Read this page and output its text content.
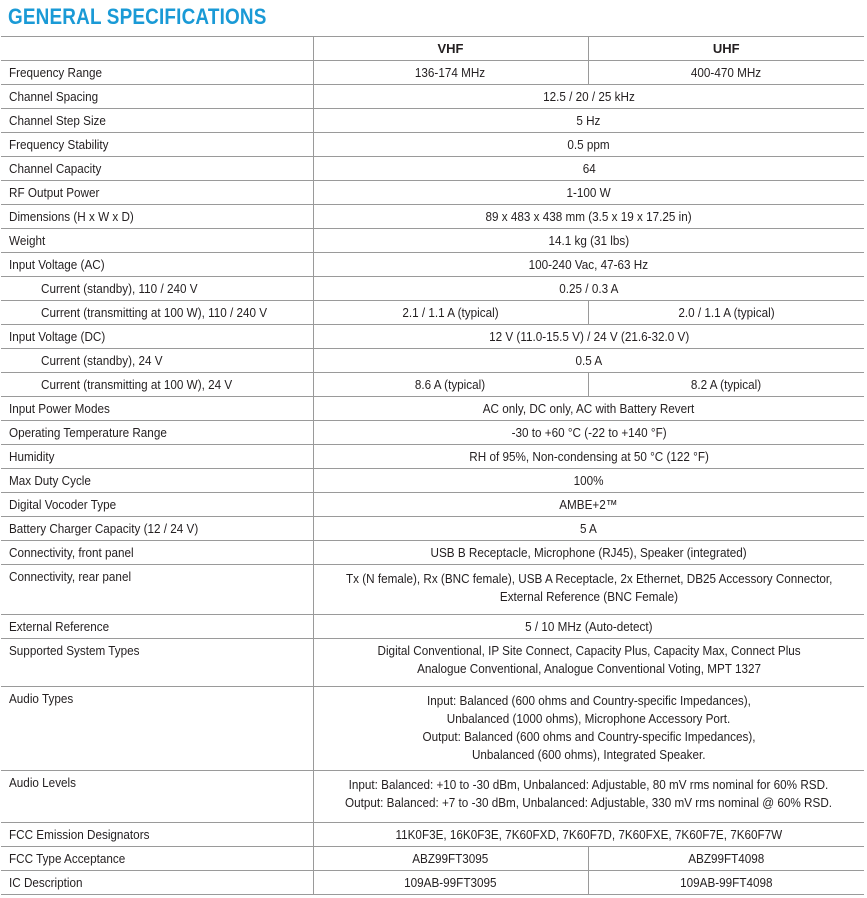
GENERAL SPECIFICATIONS
	VHF	UHF
Frequency Range	136-174 MHz	400-470 MHz
Channel Spacing	12.5 / 20 / 25 kHz	
Channel Step Size	5 Hz	
Frequency Stability	0.5 ppm	
Channel Capacity	64	
RF Output Power	1-100 W	
Dimensions (H x W x D)	89 x 483 x 438 mm (3.5 x 19 x 17.25 in)	
Weight	14.1 kg (31 lbs)	
Input Voltage (AC)	100-240 Vac, 47-63 Hz	
Current (standby), 110 / 240 V	0.25 / 0.3 A	
Current (transmitting at 100 W), 110 / 240 V	2.1 / 1.1 A (typical)	2.0 / 1.1 A (typical)
Input Voltage (DC)	12 V (11.0-15.5 V) / 24 V (21.6-32.0 V)	
Current (standby), 24 V	0.5 A	
Current (transmitting at 100 W), 24 V	8.6 A (typical)	8.2 A (typical)
Input Power Modes	AC only, DC only, AC with Battery Revert	
Operating Temperature Range	-30 to +60 °C (-22 to +140 °F)	
Humidity	RH of 95%, Non-condensing at 50 °C (122 °F)	
Max Duty Cycle	100%	
Digital Vocoder Type	AMBE+2™	
Battery Charger Capacity (12 / 24 V)	5 A	
Connectivity, front panel	USB B Receptacle, Microphone (RJ45), Speaker (integrated)	
Connectivity, rear panel	Tx (N female), Rx (BNC female), USB A Receptacle, 2x Ethernet, DB25 Accessory Connector,
External Reference (BNC Female)	

External Reference	5 / 10 MHz (Auto-detect)	
Supported System Types	Digital Conventional, IP Site Connect, Capacity Plus, Capacity Max, Connect Plus
Analogue Conventional, Analogue Conventional Voting, MPT 1327	

Audio Types	Input: Balanced (600 ohms and Country-specific Impedances),
Unbalanced (1000 ohms), Microphone Accessory Port.
Output: Balanced (600 ohms and Country-specific Impedances),
Unbalanced (600 ohms), Integrated Speaker.	

Audio Levels	Input: Balanced: +10 to -30 dBm, Unbalanced: Adjustable, 80 mV rms nominal for 60% RSD.
Output: Balanced: +7 to -30 dBm, Unbalanced: Adjustable, 330 mV rms nominal @ 60% RSD.	

FCC Emission Designators	11K0F3E, 16K0F3E, 7K60FXD, 7K60F7D, 7K60FXE, 7K60F7E, 7K60F7W	
FCC Type Acceptance	ABZ99FT3095	ABZ99FT4098
IC Description	109AB-99FT3095	109AB-99FT4098
